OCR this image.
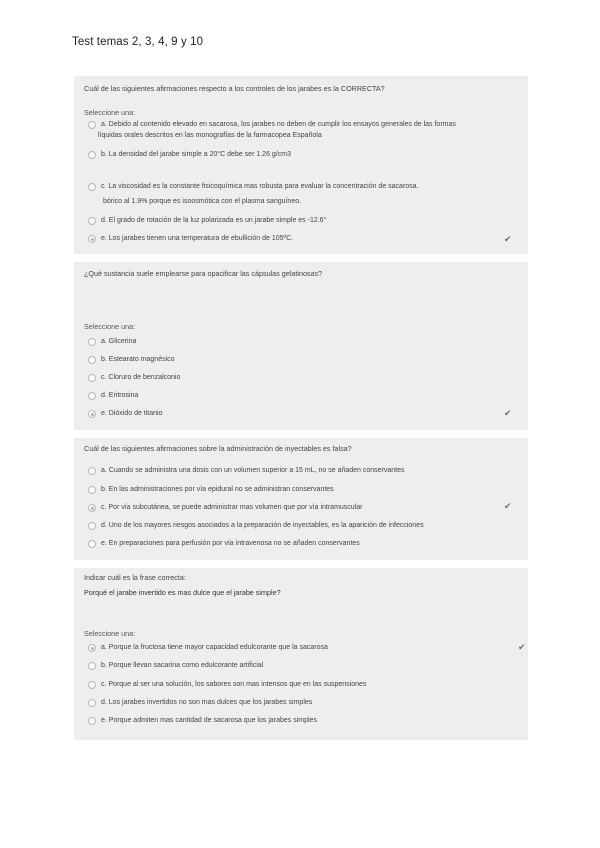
Test temas 2, 3, 4, 9 y 10
Cuál de las siguientes afirmaciones respecto a los controles de los jarabes es la CORRECTA?
Seleccione una:
a. Debido al contenido elevado en sacarosa, los jarabes no deben de cumplir los ensayos generales de las formas
líquidas orales descritos en las monografías de la farmacopea Española
b. La densidad del jarabe simple a 20°C debe ser 1.26 g/cm3
c. La viscosidad es la constante fisicoquímica mas robusta para evaluar la concentración de sacarosa.
bórico al 1.9% porque es isoosmótica con el plasma sanguíneo.
d. El grado de rotación de la luz polarizada es un jarabe simple es -12.6°
e. Los jarabes tienen una temperatura de ebullición de 105ºC.	✔
¿Qué sustancia suele emplearse para opacificar las cápsulas gelatinosas?
Seleccione una:
a. Glicerina
b. Estearato magnésico
c. Cloruro de benzalconio
d. Eritrosina
e. Dióxido de titanio	✔
Cuál de las siguientes afirmaciones sobre la administración de inyectables es falsa?
a. Cuando se administra una dosis con un volumen superior a 15 mL, no se añaden conservantes
b. En las administraciones por vía epidural no se administran conservantes
c. Por vía subcutánea, se puede administrar mas volumen que por vía intramuscular	✔
d. Uno de los mayores riesgos asociados a la preparación de inyectables, es la aparición de infecciones
e. En preparaciones para perfusión por vía intravenosa no se añaden conservantes
Indicar cuál es la frase correcta:
Porqué el jarabe invertido es mas dulce que el jarabe simple?
Seleccione una:
a. Porque la fructosa tiene mayor capacidad edulcorante que la sacarosa	✔
b. Porque llevan sacarina como edulcorante artificial
c. Porque al ser una solución, los sabores son mas intensos que en las suspensiones
d. Los jarabes invertidos no son mas dulces que los jarabes simples
e. Porque admiten mas cantidad de sacarosa que los jarabes simples
